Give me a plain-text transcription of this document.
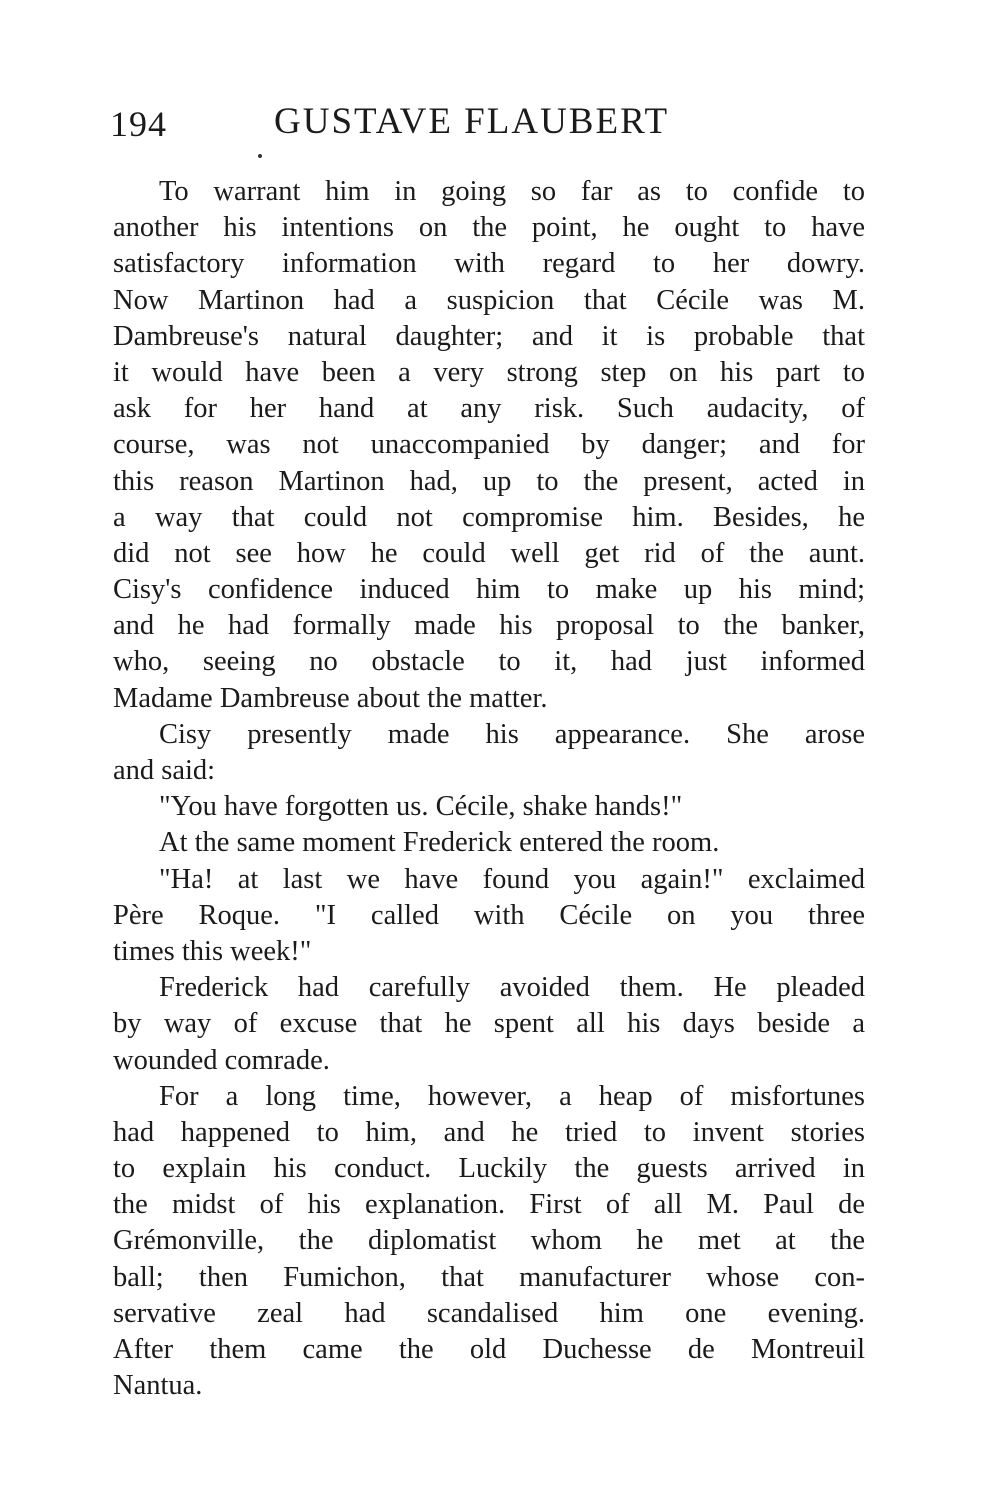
194	GUSTAVE FLAUBERT
To warrant him in going so far as to confide to
another his intentions on the point, he ought to have
satisfactory information with regard to her dowry.
Now Martinon had a suspicion that Cécile was M.
Dambreuse's natural daughter; and it is probable that
it would have been a very strong step on his part to
ask for her hand at any risk. Such audacity, of
course, was not unaccompanied by danger; and for
this reason Martinon had, up to the present, acted in
a way that could not compromise him. Besides, he
did not see how he could well get rid of the aunt.
Cisy's confidence induced him to make up his mind;
and he had formally made his proposal to the banker,
who, seeing no obstacle to it, had just informed
Madame Dambreuse about the matter.
Cisy presently made his appearance. She arose
and said:
"You have forgotten us. Cécile, shake hands!"
At the same moment Frederick entered the room.
"Ha! at last we have found you again!" exclaimed
Père Roque. "I called with Cécile on you three
times this week!"
Frederick had carefully avoided them. He pleaded
by way of excuse that he spent all his days beside a
wounded comrade.
For a long time, however, a heap of misfortunes
had happened to him, and he tried to invent stories
to explain his conduct. Luckily the guests arrived in
the midst of his explanation. First of all M. Paul de
Grémonville, the diplomatist whom he met at the
ball; then Fumichon, that manufacturer whose con-
servative zeal had scandalised him one evening.
After them came the old Duchesse de Montreuil
Nantua.
